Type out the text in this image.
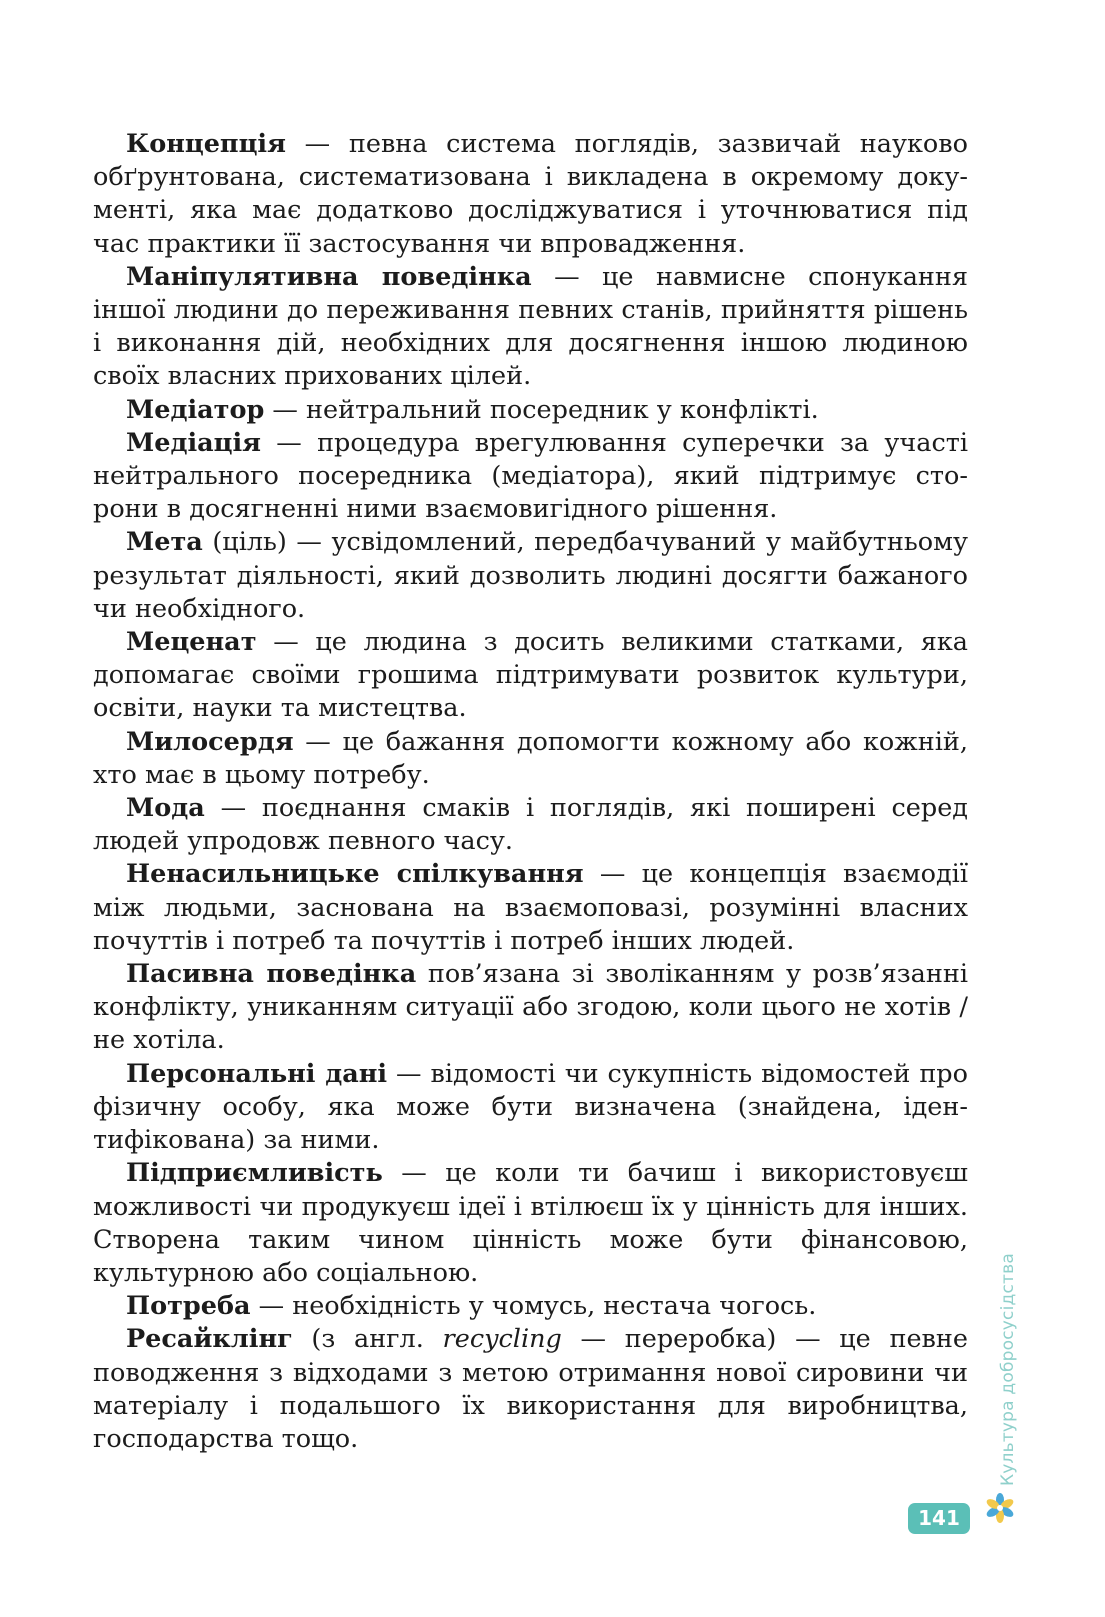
Концепція — певна система поглядів, зазвичай науково обґрунтована, систематизована і викладена в окремому документі, яка має додатково досліджуватися і уточнюватися під час практики її застосування чи впровадження.

Маніпулятивна поведінка — це навмисне спонукання іншої людини до переживання певних станів, прийняття рішень і виконання дій, необхідних для досягнення іншою людиною своїх власних прихованих цілей.

Медіатор — нейтральний посередник у конфлікті.

Медіація — процедура врегулювання суперечки за участі нейтрального посередника (медіатора), який підтримує сторони в досягненні ними взаємовигідного рішення.

Мета (ціль) — усвідомлений, передбачуваний у майбутньому результат діяльності, який дозволить людині досягти бажаного чи необхідного.

Меценат — це людина з досить великими статками, яка допомагає своїми грошима підтримувати розвиток культури, освіти, науки та мистецтва.

Милосердя — це бажання допомогти кожному або кожній, хто має в цьому потребу.

Мода — поєднання смаків і поглядів, які поширені серед людей упродовж певного часу.

Ненасильницьке спілкування — це концепція взаємодії між людьми, заснована на взаємоповазі, розумінні власних почуттів і потреб та почуттів і потреб інших людей.

Пасивна поведінка пов’язана зі зволіканням у розв’язанні конфлікту, униканням ситуації або згодою, коли цього не хотів / не хотіла.

Персональні дані — відомості чи сукупність відомостей про фізичну особу, яка може бути визначена (знайдена, ідентифікована) за ними.

Підприємливість — це коли ти бачиш і використовуєш можливості чи продукуєш ідеї і втілюєш їх у цінність для інших. Створена таким чином цінність може бути фінансовою, культурною або соціальною.

Потреба — необхідність у чомусь, нестача чогось.

Ресайклінг (з англ. recycling — переробка) — це певне поводження з відходами з метою отримання нової сировини чи матеріалу і подальшого їх використання для виробництва, господарства тощо.	Культура добросусідства
141
